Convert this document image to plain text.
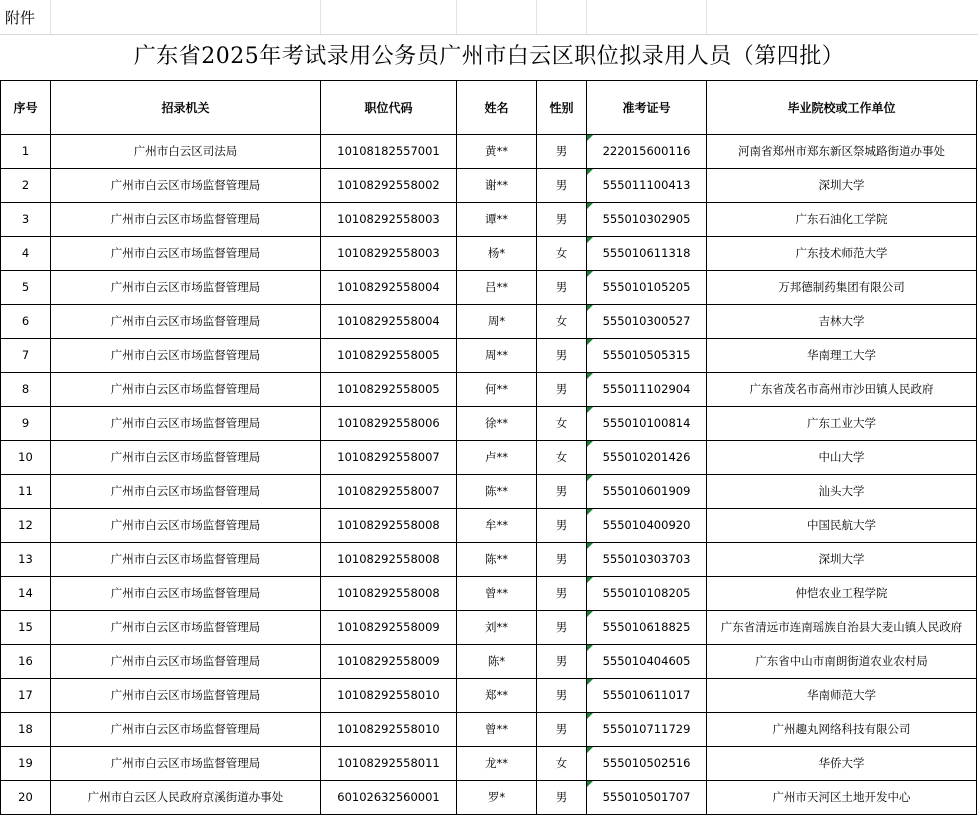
附件
广东省2025年考试录用公务员广州市白云区职位拟录用人员（第四批）
序号	招录机关	职位代码	姓名	性别	准考证号	毕业院校或工作单位
1	广州市白云区司法局	10108182557001	黄**	男	222015600116	河南省郑州市郑东新区祭城路街道办事处
2	广州市白云区市场监督管理局	10108292558002	谢**	男	555011100413	深圳大学
3	广州市白云区市场监督管理局	10108292558003	谭**	男	555010302905	广东石油化工学院
4	广州市白云区市场监督管理局	10108292558003	杨*	女	555010611318	广东技术师范大学
5	广州市白云区市场监督管理局	10108292558004	吕**	男	555010105205	万邦德制药集团有限公司
6	广州市白云区市场监督管理局	10108292558004	周*	女	555010300527	吉林大学
7	广州市白云区市场监督管理局	10108292558005	周**	男	555010505315	华南理工大学
8	广州市白云区市场监督管理局	10108292558005	何**	男	555011102904	广东省茂名市高州市沙田镇人民政府
9	广州市白云区市场监督管理局	10108292558006	徐**	女	555010100814	广东工业大学
10	广州市白云区市场监督管理局	10108292558007	卢**	女	555010201426	中山大学
11	广州市白云区市场监督管理局	10108292558007	陈**	男	555010601909	汕头大学
12	广州市白云区市场监督管理局	10108292558008	牟**	男	555010400920	中国民航大学
13	广州市白云区市场监督管理局	10108292558008	陈**	男	555010303703	深圳大学
14	广州市白云区市场监督管理局	10108292558008	曾**	男	555010108205	仲恺农业工程学院
15	广州市白云区市场监督管理局	10108292558009	刘**	男	555010618825	广东省清远市连南瑶族自治县大麦山镇人民政府
16	广州市白云区市场监督管理局	10108292558009	陈*	男	555010404605	广东省中山市南朗街道农业农村局
17	广州市白云区市场监督管理局	10108292558010	郑**	男	555010611017	华南师范大学
18	广州市白云区市场监督管理局	10108292558010	曾**	男	555010711729	广州趣丸网络科技有限公司
19	广州市白云区市场监督管理局	10108292558011	龙**	女	555010502516	华侨大学
20	广州市白云区人民政府京溪街道办事处	60102632560001	罗*	男	555010501707	广州市天河区土地开发中心
